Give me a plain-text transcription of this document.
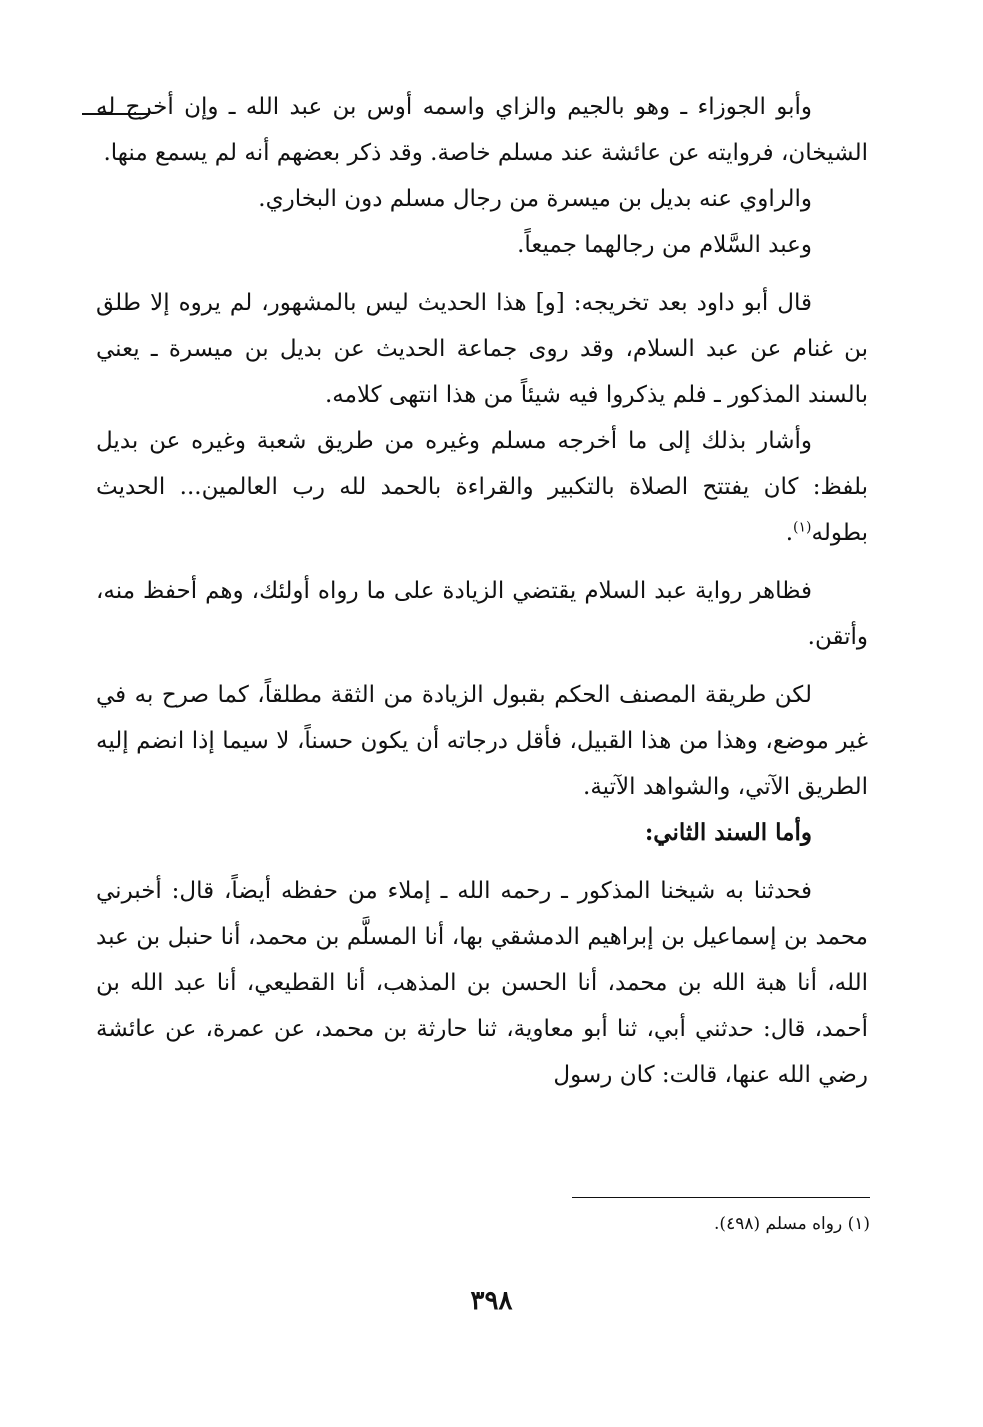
وأبو الجوزاء ـ وهو بالجيم والزاي واسمه أوس بن عبد الله ـ وإن أخرج له الشيخان، فروايته عن عائشة عند مسلم خاصة. وقد ذكر بعضهم أنه لم يسمع منها.

والراوي عنه بديل بن ميسرة من رجال مسلم دون البخاري.

وعبد السَّلام من رجالهما جميعاً.

قال أبو داود بعد تخريجه: [و] هذا الحديث ليس بالمشهور، لم يروه إلا طلق بن غنام عن عبد السلام، وقد روى جماعة الحديث عن بديل بن ميسرة ـ يعني بالسند المذكور ـ فلم يذكروا فيه شيئاً من هذا انتهى كلامه.

وأشار بذلك إلى ما أخرجه مسلم وغيره من طريق شعبة وغيره عن بديل بلفظ: كان يفتتح الصلاة بالتكبير والقراءة بالحمد لله رب العالمين... الحديث بطوله$^{(١)}$.

فظاهر رواية عبد السلام يقتضي الزيادة على ما رواه أولئك، وهم أحفظ منه، وأتقن.

لكن طريقة المصنف الحكم بقبول الزيادة من الثقة مطلقاً، كما صرح به في غير موضع، وهذا من هذا القبيل، فأقل درجاته أن يكون حسناً، لا سيما إذا انضم إليه الطريق الآتي، والشواهد الآتية.

وأما السند الثاني:

فحدثنا به شيخنا المذكور ـ رحمه الله ـ إملاء من حفظه أيضاً، قال: أخبرني محمد بن إسماعيل بن إبراهيم الدمشقي بها، أنا المسلَّم بن محمد، أنا حنبل بن عبد الله، أنا هبة الله بن محمد، أنا الحسن بن المذهب، أنا القطيعي، أنا عبد الله بن أحمد، قال: حدثني أبي، ثنا أبو معاوية، ثنا حارثة بن محمد، عن عمرة، عن عائشة رضي الله عنها، قالت: كان رسول

(١) رواه مسلم (٤٩٨).
٣٩٨
